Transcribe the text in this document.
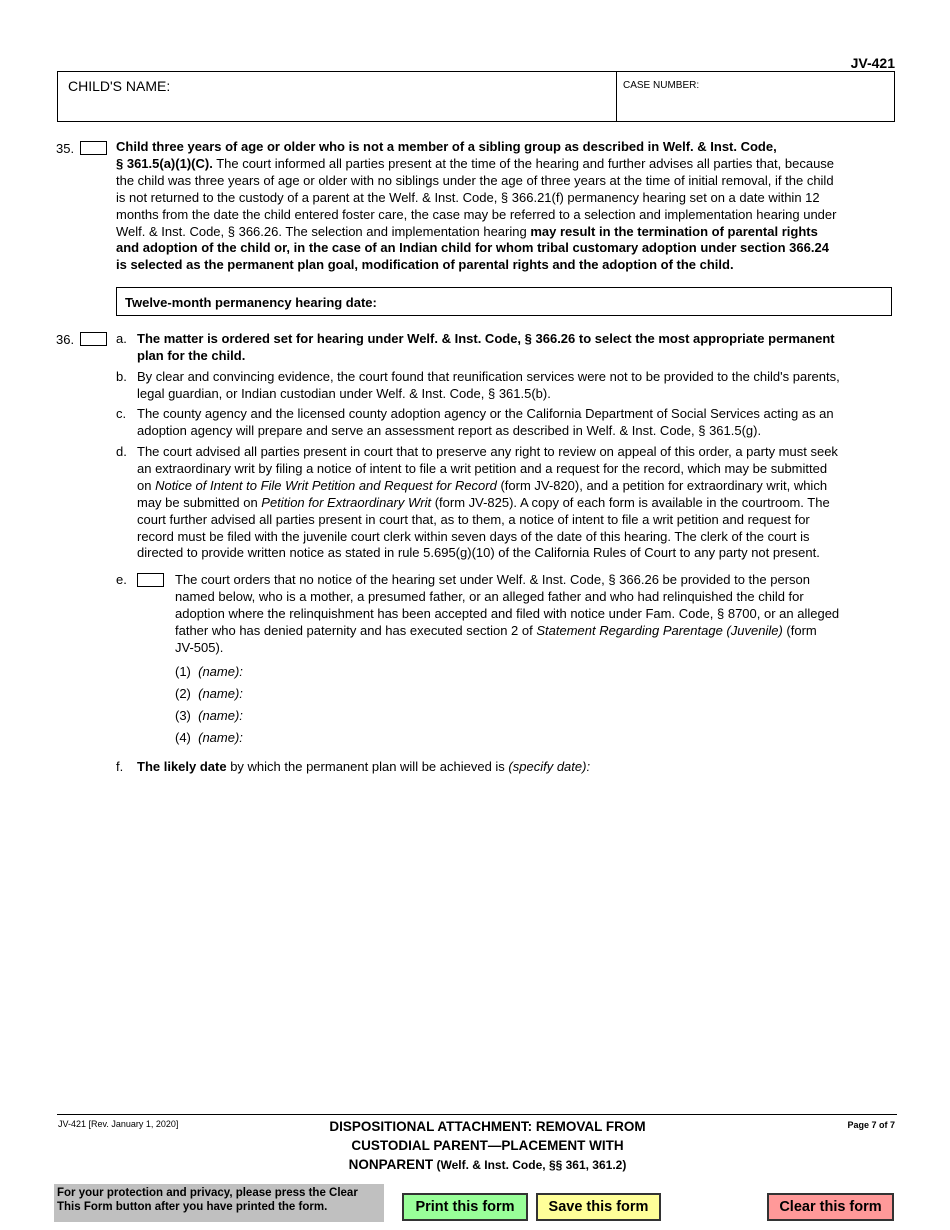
JV-421
CHILD'S NAME:	CASE NUMBER:
35.	Child three years of age or older who is not a member of a sibling group as described in Welf. & Inst. Code,
§ 361.5(a)(1)(C). The court informed all parties present at the time of the hearing and further advises all parties that, because
the child was three years of age or older with no siblings under the age of three years at the time of initial removal, if the child
is not returned to the custody of a parent at the Welf. & Inst. Code, § 366.21(f) permanency hearing set on a date within 12
months from the date the child entered foster care, the case may be referred to a selection and implementation hearing under
Welf. & Inst. Code, § 366.26. The selection and implementation hearing may result in the termination of parental rights
and adoption of the child or, in the case of an Indian child for whom tribal customary adoption under section 366.24
is selected as the permanent plan goal, modification of parental rights and the adoption of the child.
Twelve-month permanency hearing date:
36.	a. The matter is ordered set for hearing under Welf. & Inst. Code, § 366.26 to select the most appropriate permanent
plan for the child.
b. By clear and convincing evidence, the court found that reunification services were not to be provided to the child's parents,
legal guardian, or Indian custodian under Welf. & Inst. Code, § 361.5(b).
c. The county agency and the licensed county adoption agency or the California Department of Social Services acting as an
adoption agency will prepare and serve an assessment report as described in Welf. & Inst. Code, § 361.5(g).
d. The court advised all parties present in court that to preserve any right to review on appeal of this order, a party must seek
an extraordinary writ by filing a notice of intent to file a writ petition and a request for the record, which may be submitted
on Notice of Intent to File Writ Petition and Request for Record (form JV-820), and a petition for extraordinary writ, which
may be submitted on Petition for Extraordinary Writ (form JV-825). A copy of each form is available in the courtroom. The
court further advised all parties present in court that, as to them, a notice of intent to file a writ petition and request for
record must be filed with the juvenile court clerk within seven days of the date of this hearing. The clerk of the court is
directed to provide written notice as stated in rule 5.695(g)(10) of the California Rules of Court to any party not present.
e.	The court orders that no notice of the hearing set under Welf. & Inst. Code, § 366.26 be provided to the person
named below, who is a mother, a presumed father, or an alleged father and who had relinquished the child for
adoption where the relinquishment has been accepted and filed with notice under Fam. Code, § 8700, or an alleged
father who has denied paternity and has executed section 2 of Statement Regarding Parentage (Juvenile) (form
JV-505).
(1) (name):
(2) (name):
(3) (name):
(4) (name):
f. The likely date by which the permanent plan will be achieved is (specify date):
JV-421 [Rev. January 1, 2020]	Page 7 of 7
DISPOSITIONAL ATTACHMENT: REMOVAL FROM
CUSTODIAL PARENT—PLACEMENT WITH
NONPARENT (Welf. & Inst. Code, §§ 361, 361.2)
For your protection and privacy, please press the Clear
This Form button after you have printed the form.	Print this form	Save this form	Clear this form
